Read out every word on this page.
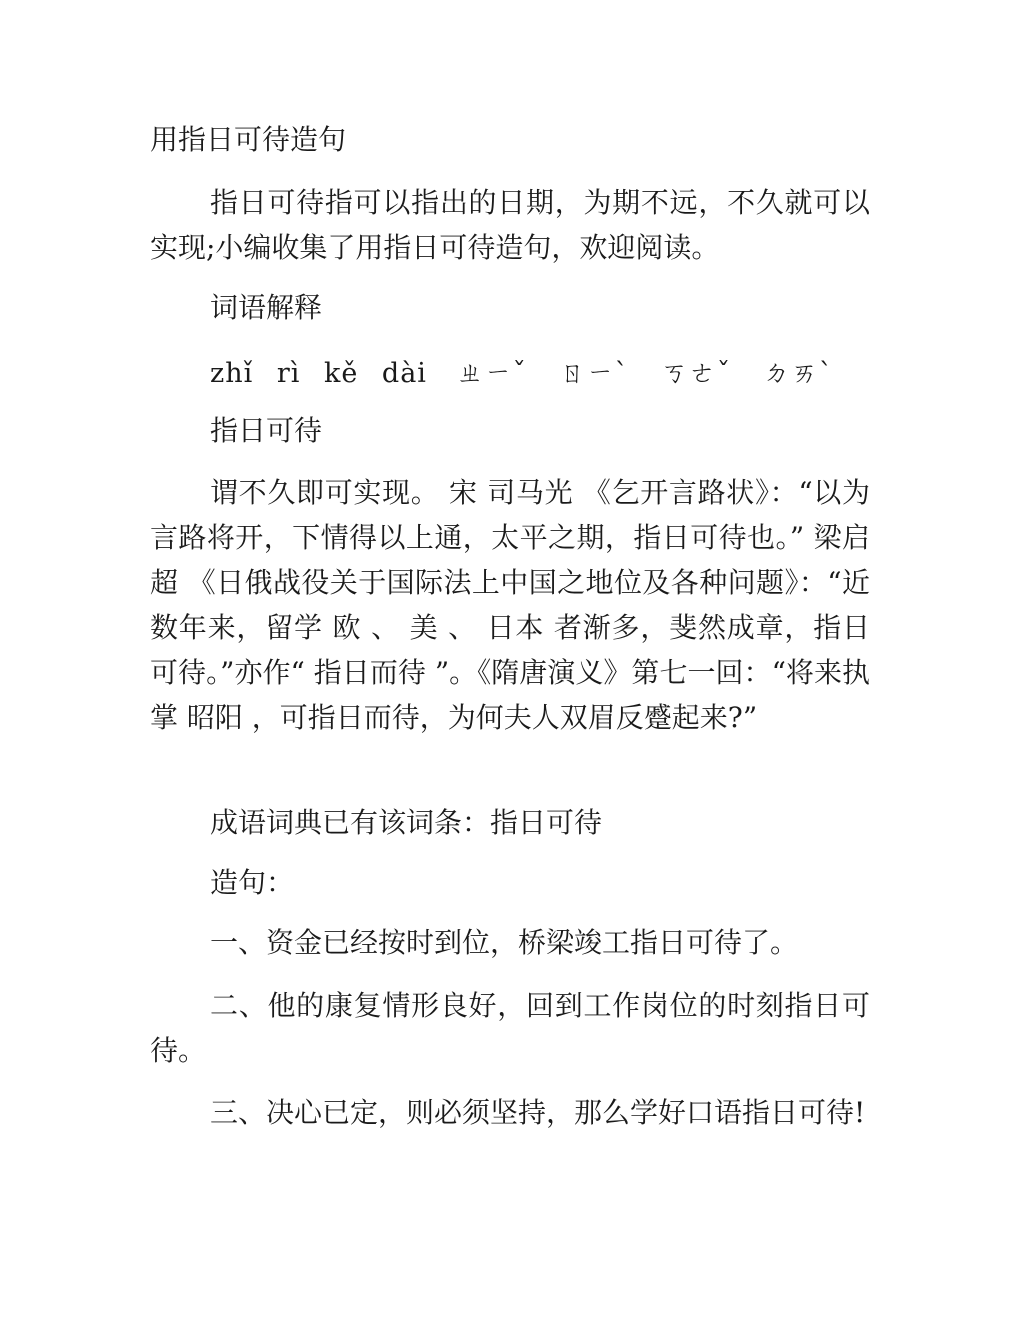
用指日可待造句

指日可待指可以指出的日期，为期不远，不久就可以实现;小编收集了用指日可待造句，欢迎阅读。

词语解释

zhǐ rì kě dài ㄓㄧˇ ㄖㄧˋ ㄎㄜˇ ㄉㄞˋ

指日可待

谓不久即可实现。 宋 司马光 《乞开言路状》：“以为言路将开，下情得以上通，太平之期，指日可待也。” 梁启超 《日俄战役关于国际法上中国之地位及各种问题》：“近数年来，留学 欧 、 美 、 日本 者渐多，斐然成章，指日可待。”亦作“ 指日而待 ”。《隋唐演义》第七一回：“将来执掌 昭阳 ，可指日而待，为何夫人双眉反蹙起来?”

成语词典已有该词条：指日可待

造句：

一、资金已经按时到位，桥梁竣工指日可待了。

二、他的康复情形良好，回到工作岗位的时刻指日可待。

三、决心已定，则必须坚持，那么学好口语指日可待!
